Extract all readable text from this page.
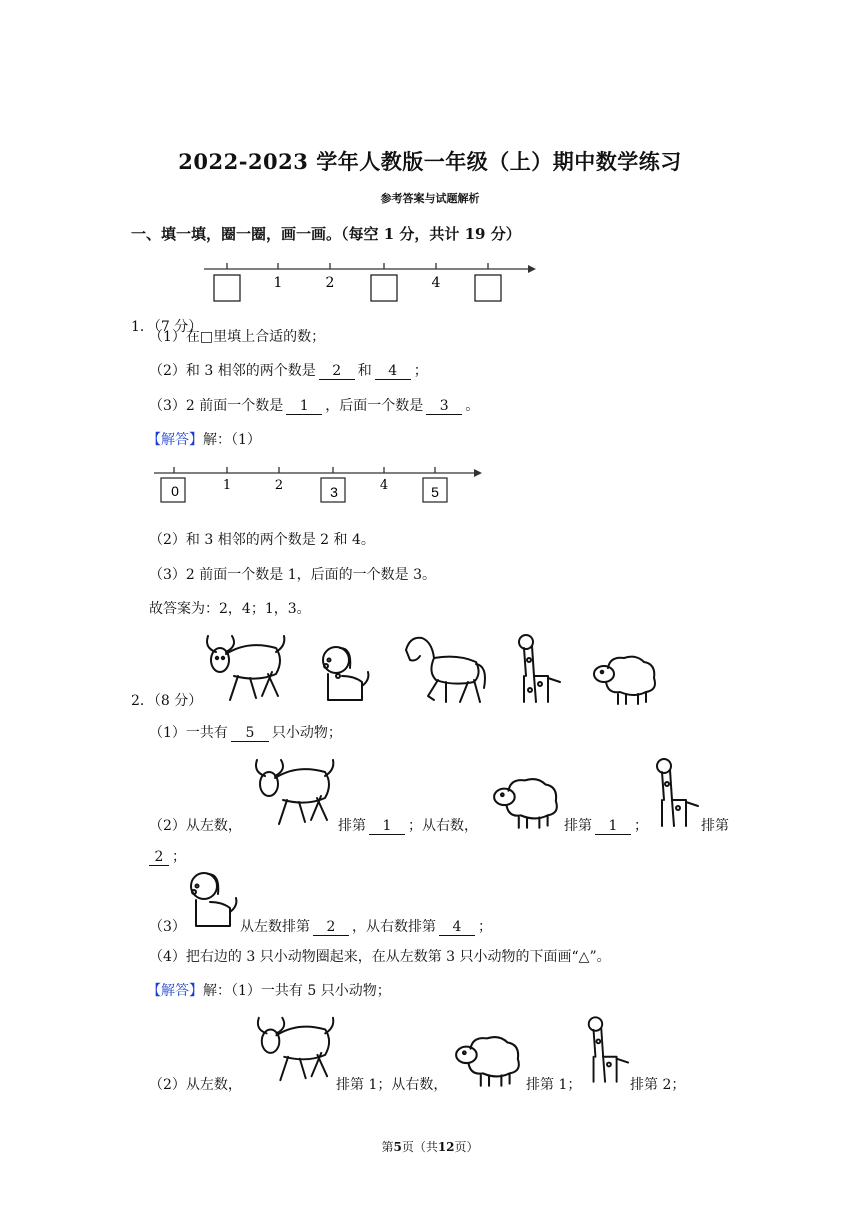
2022-2023 学年人教版一年级（上）期中数学练习
参考答案与试题解析
一、填一填，圈一圈，画一画。（每空 1 分，共计 19 分）
1	2	4
1．（7 分）
（1）在□里填上合适的数；
（2）和 3 相邻的两个数是 2 和 4 ；
（3）2 前面一个数是 1 ，后面一个数是 3 。
【解答】解：（1）
0	3	5
1	2	4
（2）和 3 相邻的两个数是 2 和 4。
（3）2 前面一个数是 1，后面的一个数是 3。
故答案为：2，4；1，3。
2．（8 分）
（1）一共有 5 只小动物；
（2）从左数，	排第 1 ；从右数，	排第 1 ；	排第
2 ；
（3）	从左数排第 2 ，从右数排第 4 ；
（4）把右边的 3 只小动物圈起来，在从左数第 3 只小动物的下面画“△”。
【解答】解：（1）一共有 5 只小动物；
（2）从左数，	排第 1；从右数，	排第 1；	排第 2；
第5页（共12页）
